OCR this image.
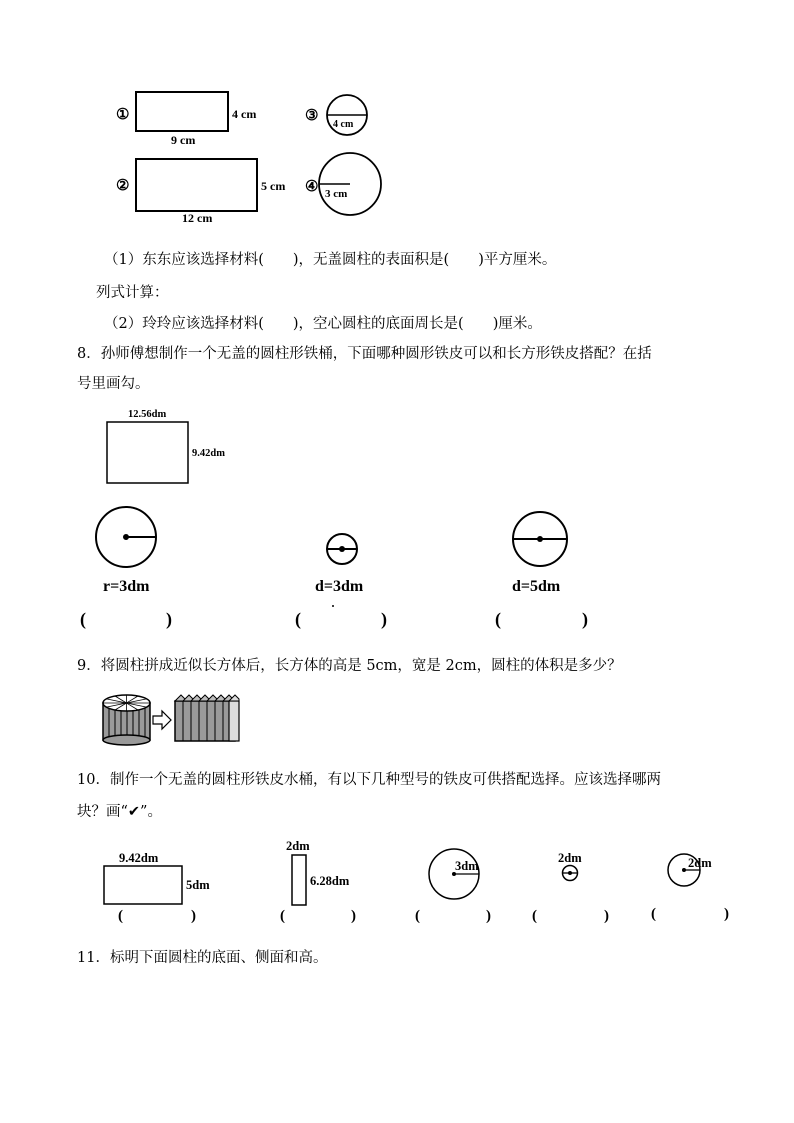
①	4 cm
9 cm
②	5 cm
12 cm
③
4 cm
④ 3 cm
12.56dm
9.42dm
r=3dm	d=3dm	d=5dm
9.42dm
5dm
2dm
6.28dm
3dm
2dm	2dm
（1）东东应该选择材料(　　)，无盖圆柱的表面积是(　　)平方厘米。
列式计算：
（2）玲玲应该选择材料(　　)，空心圆柱的底面周长是(　　)厘米。
8．孙师傅想制作一个无盖的圆柱形铁桶，下面哪种圆形铁皮可以和长方形铁皮搭配？在括
号里画勾。
(	)	(	)	(	)
9．将圆柱拼成近似长方体后，长方体的高是 5cm，宽是 2cm，圆柱的体积是多少？
10．制作一个无盖的圆柱形铁皮水桶，有以下几种型号的铁皮可供搭配选择。应该选择哪两
块？画“✔”。
(	)	(	)	(	)	(	)	(	)
11．标明下面圆柱的底面、侧面和高。
